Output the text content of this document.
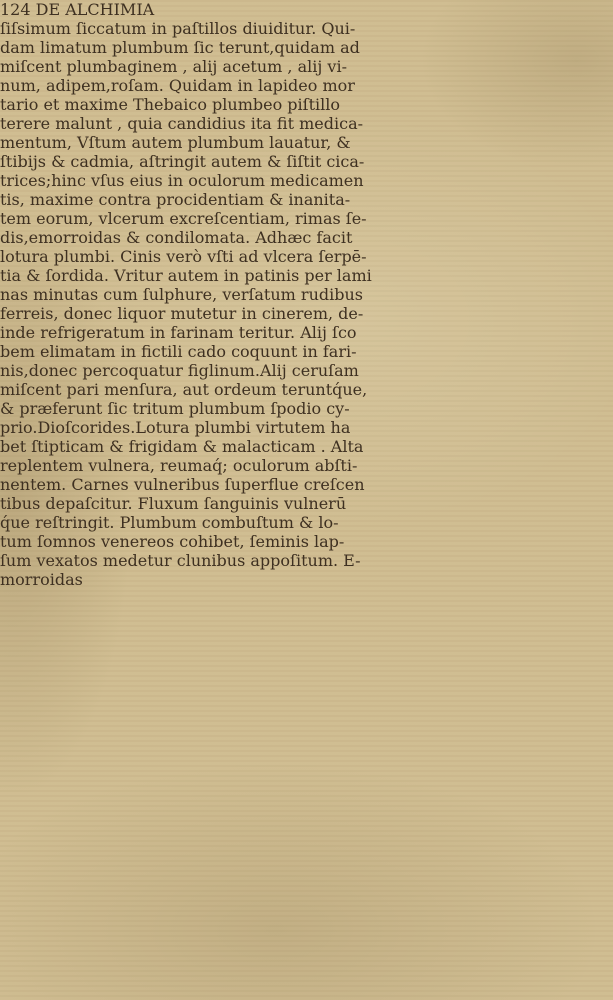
124 DE ALCHIMIA
ſiſsimum ſiccatum in paſtillos diuiditur. Qui-
dam limatum plumbum ſic terunt,quidam ad
miſcent plumbaginem , alij acetum , alij vi-
num, adipem,roſam. Quidam in lapideo mor
tario et maxime Thebaico plumbeo piſtillo
terere malunt , quia candidius ita fit medica-
mentum, Vſtum autem plumbum lauatur, &
ſtibijs & cadmia, aſtringit autem & ſiſtit cica-
trices;hinc vſus eius in oculorum medicamen
tis, maxime contra procidentiam & inanita-
tem eorum, vlcerum excreſcentiam, rimas ſe-
dis,emorroidas & condilomata. Adhæc facit
lotura plumbi. Cinis verò vſti ad vlcera ſerpē-
tia & ſordida. Vritur autem in patinis per lami
nas minutas cum ſulphure, verſatum rudibus
ferreis, donec liquor mutetur in cinerem, de-
inde refrigeratum in farinam teritur. Alij ſco
bem elimatam in fictili cado coquunt in fari-
nis,donec percoquatur figlinum.Alij ceruſam
miſcent pari menſura, aut ordeum teruntq́ue,
& præferunt ſic tritum plumbum ſpodio cy-
prio.Dioſcorides.Lotura plumbi virtutem ha
bet ſtipticam & frigidam & malacticam . Alta
replentem vulnera, reumaq́; oculorum abſti-
nentem. Carnes vulneribus ſuperflue creſcen
tibus depaſcitur. Fluxum ſanguinis vulnerū
q́ue reſtringit. Plumbum combuſtum & lo-
tum ſomnos venereos cohibet, ſeminis lap-
ſum vexatos medetur clunibus appoſitum. E-
morroidas
